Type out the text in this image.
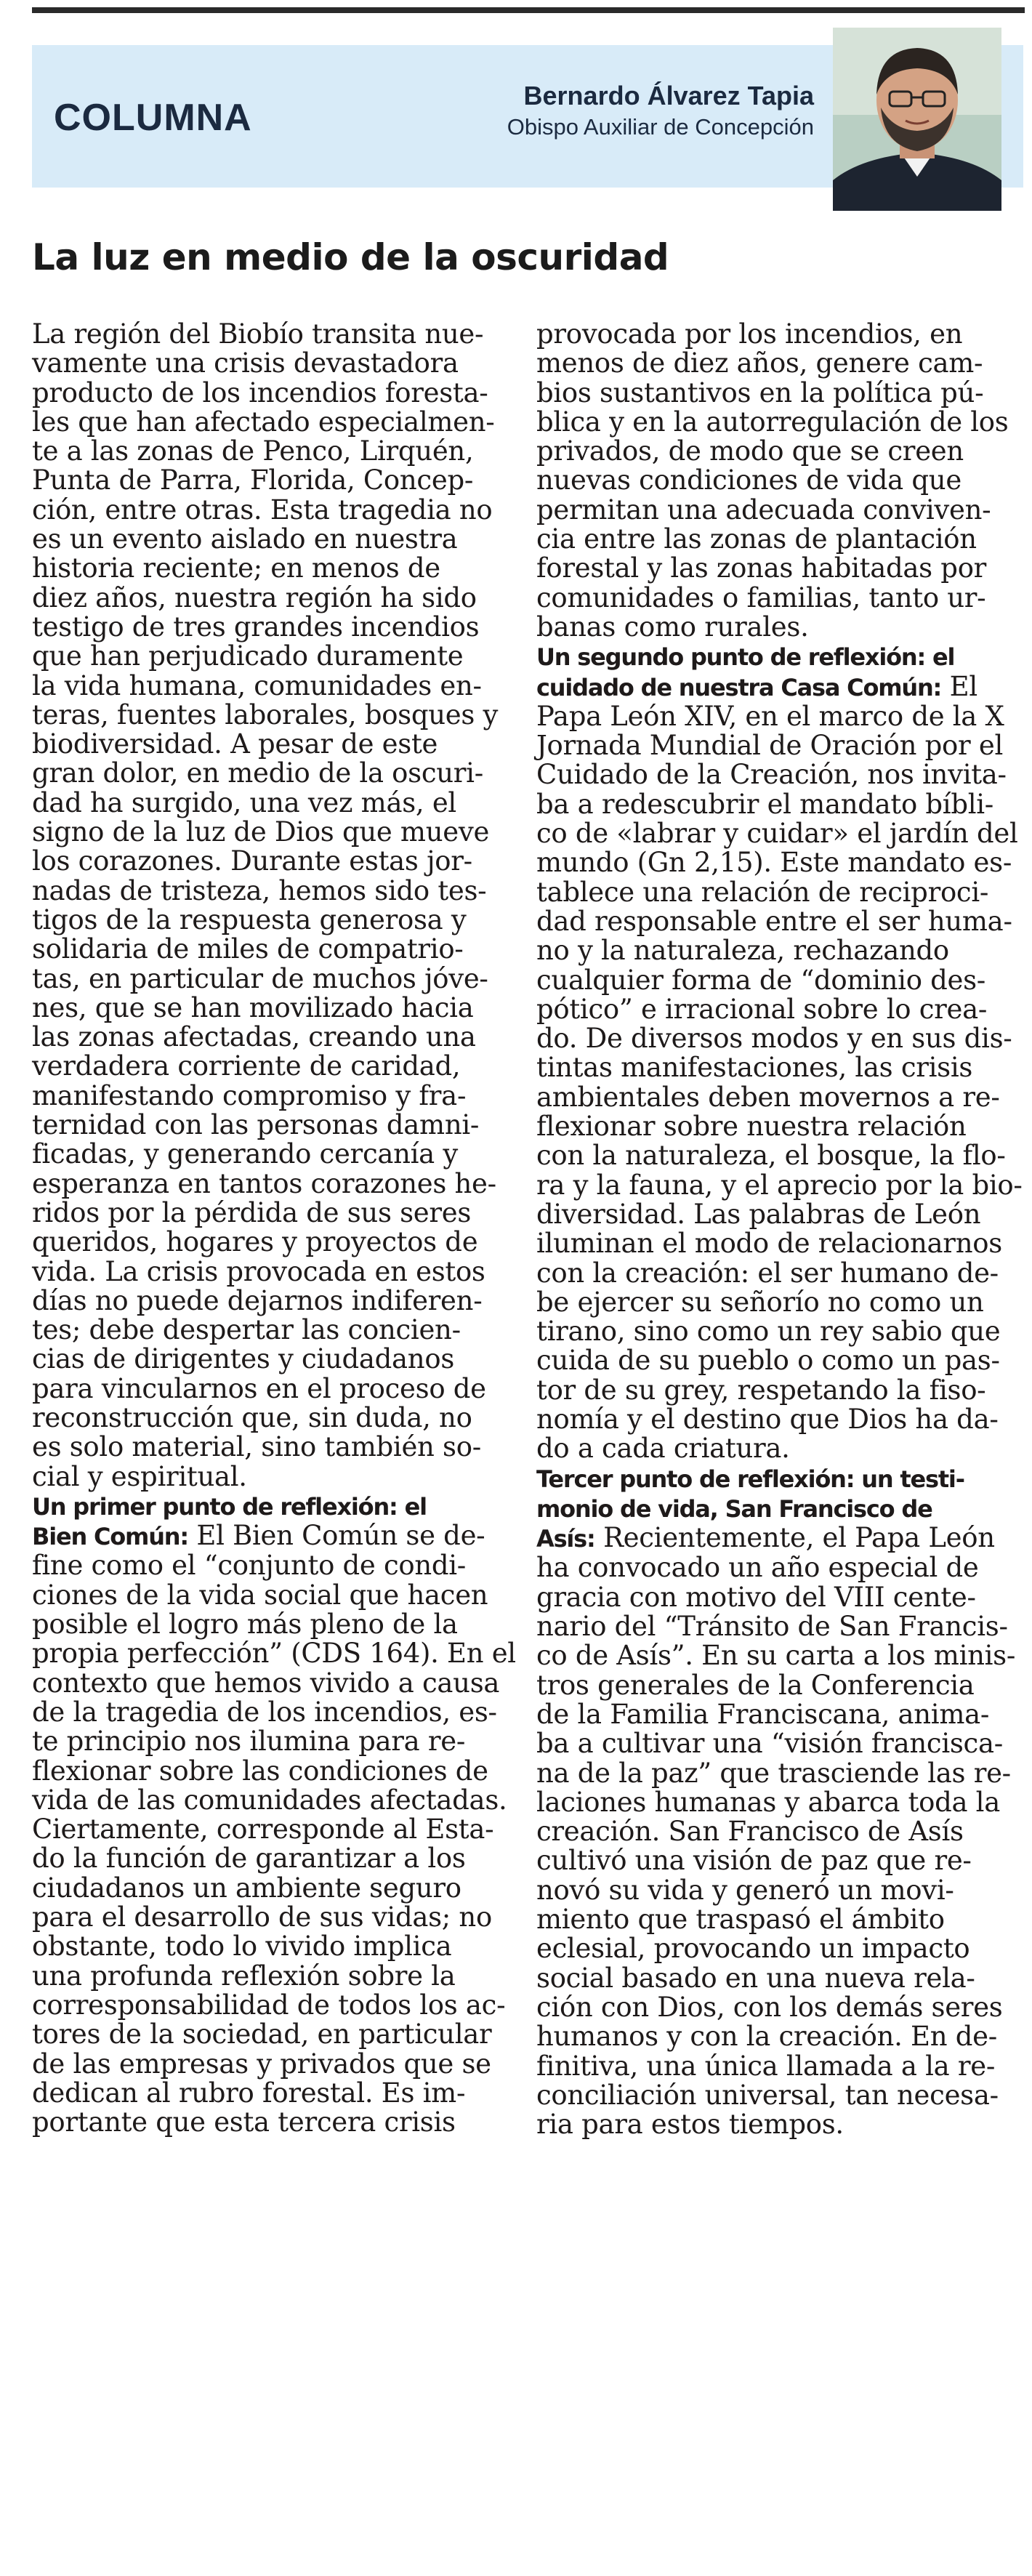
COLUMNA
Bernardo Álvarez Tapia
Obispo Auxiliar de Concepción
La luz en medio de la oscuridad
La región del Biobío transita nue-
vamente una crisis devastadora
producto de los incendios foresta-
les que han afectado especialmen-
te a las zonas de Penco, Lirquén,
Punta de Parra, Florida, Concep-
ción, entre otras. Esta tragedia no
es un evento aislado en nuestra
historia reciente; en menos de
diez años, nuestra región ha sido
testigo de tres grandes incendios
que han perjudicado duramente
la vida humana, comunidades en-
teras, fuentes laborales, bosques y
biodiversidad. A pesar de este
gran dolor, en medio de la oscuri-
dad ha surgido, una vez más, el
signo de la luz de Dios que mueve
los corazones. Durante estas jor-
nadas de tristeza, hemos sido tes-
tigos de la respuesta generosa y
solidaria de miles de compatrio-
tas, en particular de muchos jóve-
nes, que se han movilizado hacia
las zonas afectadas, creando una
verdadera corriente de caridad,
manifestando compromiso y fra-
ternidad con las personas damni-
ficadas, y generando cercanía y
esperanza en tantos corazones he-
ridos por la pérdida de sus seres
queridos, hogares y proyectos de
vida. La crisis provocada en estos
días no puede dejarnos indiferen-
tes; debe despertar las concien-
cias de dirigentes y ciudadanos
para vincularnos en el proceso de
reconstrucción que, sin duda, no
es solo material, sino también so-
cial y espiritual.
Un primer punto de reflexión: el
Bien Común: El Bien Común se de-
fine como el “conjunto de condi-
ciones de la vida social que hacen
posible el logro más pleno de la
propia perfección” (CDS 164). En el
contexto que hemos vivido a causa
de la tragedia de los incendios, es-
te principio nos ilumina para re-
flexionar sobre las condiciones de
vida de las comunidades afectadas.
Ciertamente, corresponde al Esta-
do la función de garantizar a los
ciudadanos un ambiente seguro
para el desarrollo de sus vidas; no
obstante, todo lo vivido implica
una profunda reflexión sobre la
corresponsabilidad de todos los ac-
tores de la sociedad, en particular
de las empresas y privados que se
dedican al rubro forestal. Es im-
portante que esta tercera crisis
provocada por los incendios, en
menos de diez años, genere cam-
bios sustantivos en la política pú-
blica y en la autorregulación de los
privados, de modo que se creen
nuevas condiciones de vida que
permitan una adecuada conviven-
cia entre las zonas de plantación
forestal y las zonas habitadas por
comunidades o familias, tanto ur-
banas como rurales.
Un segundo punto de reflexión: el
cuidado de nuestra Casa Común: El
Papa León XIV, en el marco de la X
Jornada Mundial de Oración por el
Cuidado de la Creación, nos invita-
ba a redescubrir el mandato bíbli-
co de «labrar y cuidar» el jardín del
mundo (Gn 2,15). Este mandato es-
tablece una relación de reciproci-
dad responsable entre el ser huma-
no y la naturaleza, rechazando
cualquier forma de “dominio des-
pótico” e irracional sobre lo crea-
do. De diversos modos y en sus dis-
tintas manifestaciones, las crisis
ambientales deben movernos a re-
flexionar sobre nuestra relación
con la naturaleza, el bosque, la flo-
ra y la fauna, y el aprecio por la bio-
diversidad. Las palabras de León
iluminan el modo de relacionarnos
con la creación: el ser humano de-
be ejercer su señorío no como un
tirano, sino como un rey sabio que
cuida de su pueblo o como un pas-
tor de su grey, respetando la fiso-
nomía y el destino que Dios ha da-
do a cada criatura.
Tercer punto de reflexión: un testi-
monio de vida, San Francisco de
Asís: Recientemente, el Papa León
ha convocado un año especial de
gracia con motivo del VIII cente-
nario del “Tránsito de San Francis-
co de Asís”. En su carta a los minis-
tros generales de la Conferencia
de la Familia Franciscana, anima-
ba a cultivar una “visión francisca-
na de la paz” que trasciende las re-
laciones humanas y abarca toda la
creación. San Francisco de Asís
cultivó una visión de paz que re-
novó su vida y generó un movi-
miento que traspasó el ámbito
eclesial, provocando un impacto
social basado en una nueva rela-
ción con Dios, con los demás seres
humanos y con la creación. En de-
finitiva, una única llamada a la re-
conciliación universal, tan necesa-
ria para estos tiempos.
